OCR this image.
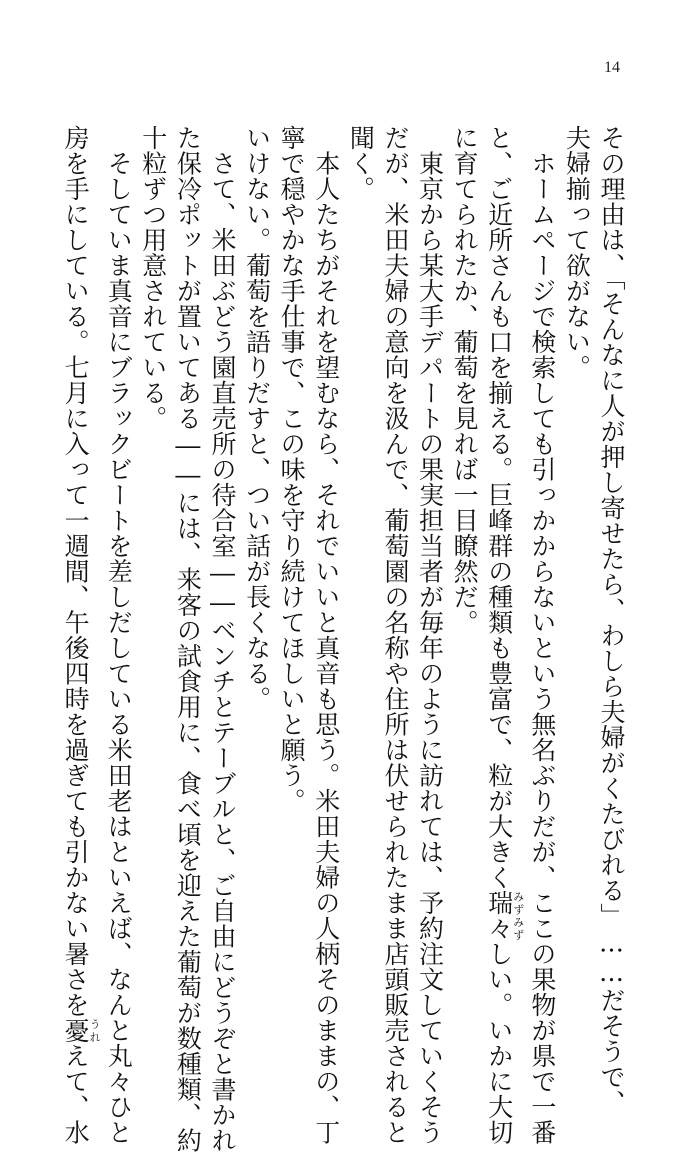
14

その理由は、「そんなに人が押し寄せたら、わしら夫婦がくたびれる」……だそうで、

夫婦揃って欲がない。

　ホームページで検索しても引っかからないという無名ぶりだが、ここの果物が県で一番

と、ご近所さんも口を揃える。巨峰群の種類も豊富で、粒が大きく瑞々みずみずしい。いかに大切

に育てられたか、葡萄を見れば一目瞭然だ。

　東京から某大手デパートの果実担当者が毎年のように訪れては、予約注文していくそう

だが、米田夫婦の意向を汲んで、葡萄園の名称や住所は伏せられたまま店頭販売されると

聞く。

　本人たちがそれを望むなら、それでいいと真音も思う。米田夫婦の人柄そのままの、丁

寧で穏やかな手仕事で、この味を守り続けてほしいと願う。

いけない。葡萄を語りだすと、つい話が長くなる。

　さて、米田ぶどう園直売所の待合室――ベンチとテーブルと、ご自由にどうぞと書かれ

た保冷ポットが置いてある――には、来客の試食用に、食べ頃を迎えた葡萄が数種類、約

十粒ずつ用意されている。

　そしていま真音にブラックビートを差しだしている米田老はといえば、なんと丸々ひと

房を手にしている。七月に入って一週間、午後四時を過ぎても引かない暑さを憂うれえて、水
